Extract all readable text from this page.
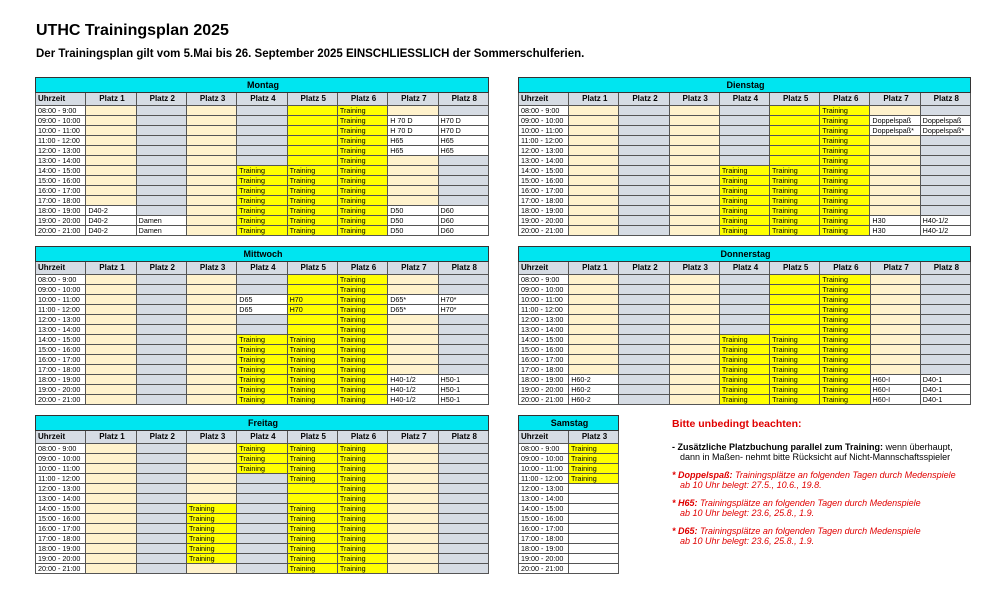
UTHC Trainingsplan 2025

Der Trainingsplan gilt vom 5.Mai bis 26. September 2025 EINSCHLIESSLICH der Sommerschulferien.

Montag								
Uhrzeit	Platz 1	Platz 2	Platz 3	Platz 4	Platz 5	Platz 6	Platz 7	Platz 8
08:00 - 9:00						Training		
09:00 - 10:00						Training	H 70 D	H70 D
10:00 - 11:00						Training	H 70 D	H70 D
11:00 - 12:00						Training	H65	H65
12:00 - 13:00						Training	H65	H65
13:00 - 14:00						Training		
14:00 - 15:00				Training	Training	Training		
15:00 - 16:00				Training	Training	Training		
16:00 - 17:00				Training	Training	Training		
17:00 - 18:00				Training	Training	Training		
18:00 - 19:00	D40-2			Training	Training	Training	D50	D60
19:00 - 20:00	D40-2	Damen		Training	Training	Training	D50	D60
20:00 - 21:00	D40-2	Damen		Training	Training	Training	D50	D60
Dienstag								
Uhrzeit	Platz 1	Platz 2	Platz 3	Platz 4	Platz 5	Platz 6	Platz 7	Platz 8
08:00 - 9:00						Training		
09:00 - 10:00						Training	Doppelspaß	Doppelspaß
10:00 - 11:00						Training	Doppelspaß*	Doppelspaß*
11:00 - 12:00						Training		
12:00 - 13:00						Training		
13:00 - 14:00						Training		
14:00 - 15:00				Training	Training	Training		
15:00 - 16:00				Training	Training	Training		
16:00 - 17:00				Training	Training	Training		
17:00 - 18:00				Training	Training	Training		
18:00 - 19:00				Training	Training	Training		
19:00 - 20:00				Training	Training	Training	H30	H40-1/2
20:00 - 21:00				Training	Training	Training	H30	H40-1/2
Mittwoch								
Uhrzeit	Platz 1	Platz 2	Platz 3	Platz 4	Platz 5	Platz 6	Platz 7	Platz 8
08:00 - 9:00						Training		
09:00 - 10:00						Training		
10:00 - 11:00				D65	H70	Training	D65*	H70*
11:00 - 12:00				D65	H70	Training	D65*	H70*
12:00 - 13:00						Training		
13:00 - 14:00						Training		
14:00 - 15:00				Training	Training	Training		
15:00 - 16:00				Training	Training	Training		
16:00 - 17:00				Training	Training	Training		
17:00 - 18:00				Training	Training	Training		
18:00 - 19:00				Training	Training	Training	H40-1/2	H50-1
19:00 - 20:00				Training	Training	Training	H40-1/2	H50-1
20:00 - 21:00				Training	Training	Training	H40-1/2	H50-1
Donnerstag								
Uhrzeit	Platz 1	Platz 2	Platz 3	Platz 4	Platz 5	Platz 6	Platz 7	Platz 8
08:00 - 9:00						Training		
09:00 - 10:00						Training		
10:00 - 11:00						Training		
11:00 - 12:00						Training		
12:00 - 13:00						Training		
13:00 - 14:00						Training		
14:00 - 15:00				Training	Training	Training		
15:00 - 16:00				Training	Training	Training		
16:00 - 17:00				Training	Training	Training		
17:00 - 18:00				Training	Training	Training		
18:00 - 19:00	H60-2			Training	Training	Training	H60-I	D40-1
19:00 - 20:00	H60-2			Training	Training	Training	H60-I	D40-1
20:00 - 21:00	H60-2			Training	Training	Training	H60-I	D40-1
Freitag								
Uhrzeit	Platz 1	Platz 2	Platz 3	Platz 4	Platz 5	Platz 6	Platz 7	Platz 8
08:00 - 9:00				Training	Training	Training		
09:00 - 10:00				Training	Training	Training		
10:00 - 11:00				Training	Training	Training		
11:00 - 12:00					Training	Training		
12:00 - 13:00						Training		
13:00 - 14:00						Training		
14:00 - 15:00			Training		Training	Training		
15:00 - 16:00			Training		Training	Training		
16:00 - 17:00			Training		Training	Training		
17:00 - 18:00			Training		Training	Training		
18:00 - 19:00			Training		Training	Training		
19:00 - 20:00			Training		Training	Training		
20:00 - 21:00					Training	Training		
Samstag	
Uhrzeit	Platz 3
08:00 - 9:00	Training
09:00 - 10:00	Training
10:00 - 11:00	Training
11:00 - 12:00	Training
12:00 - 13:00	
13:00 - 14:00	
14:00 - 15:00	
15:00 - 16:00	
16:00 - 17:00	
17:00 - 18:00	
18:00 - 19:00	
19:00 - 20:00	
20:00 - 21:00	

Bitte unbedingt beachten:

- Zusätzliche Platzbuchung parallel zum Training: wenn überhaupt,
dann in Maßen- nehmt bitte Rücksicht auf Nicht-Mannschaftsspieler

* Doppelspaß: Trainingsplätze an folgenden Tagen durch Medenspiele
ab 10 Uhr belegt: 27.5., 10.6., 19.8.

* H65: Trainingsplätze an folgenden Tagen durch Medenspiele
ab 10 Uhr belegt: 23.6, 25.8., 1.9.

* D65: Trainingsplätze an folgenden Tagen durch Medenspiele
ab 10 Uhr belegt: 23.6, 25.8., 1.9.
